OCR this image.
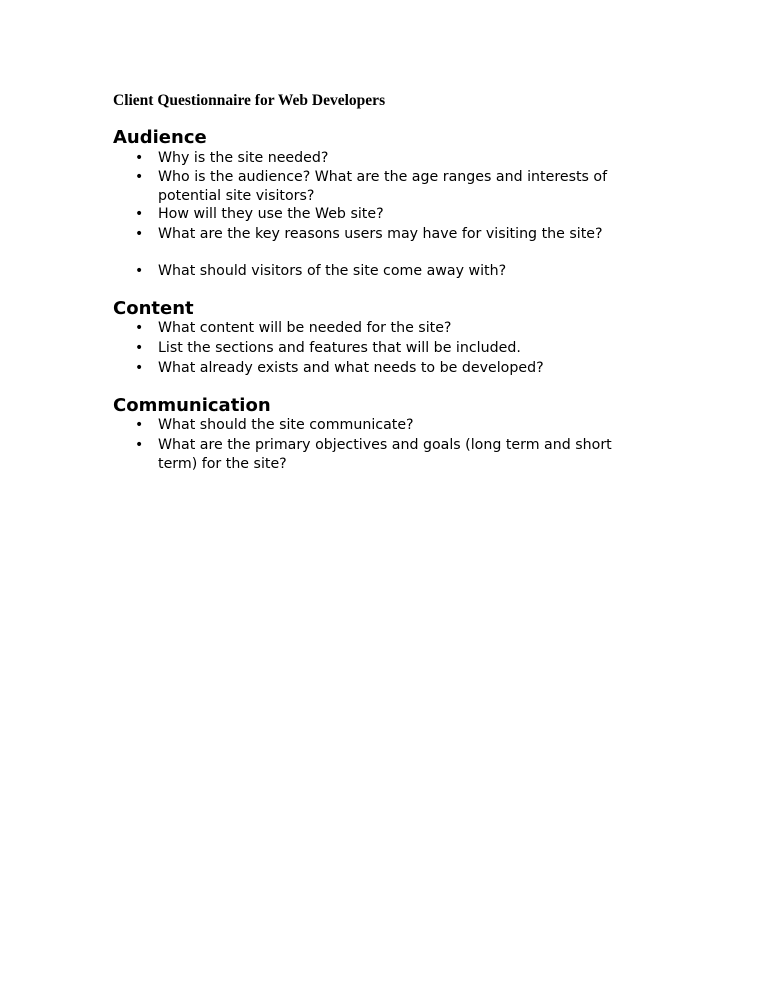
Client Questionnaire for Web Developers
Audience
• Why is the site needed?
• Who is the audience? What are the age ranges and interests of potential site visitors?
• How will they use the Web site?
• What are the key reasons users may have for visiting the site?
• What should visitors of the site come away with?
Content
• What content will be needed for the site?
• List the sections and features that will be included.
• What already exists and what needs to be developed?
Communication
• What should the site communicate?
• What are the primary objectives and goals (long term and short term) for the site?
